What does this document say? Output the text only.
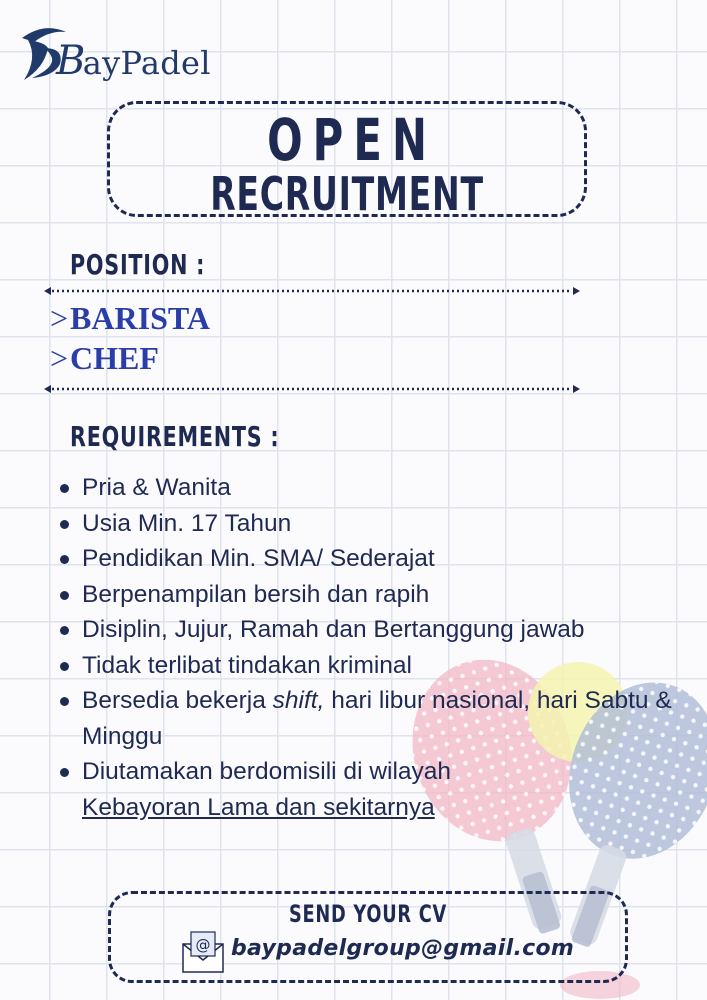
BayPadel
OPEN
RECRUITMENT
POSITION :
>BARISTA
>CHEF
REQUIREMENTS :
Pria & Wanita
Usia Min. 17 Tahun
Pendidikan Min. SMA/ Sederajat
Berpenampilan bersih dan rapih
Disiplin, Jujur, Ramah dan Bertanggung jawab
Tidak terlibat tindakan kriminal
Bersedia bekerja shift, hari libur nasional, hari Sabtu & Minggu
Diutamakan berdomisili di wilayah
Kebayoran Lama dan sekitarnya
SEND YOUR CV
@ baypadelgroup@gmail.com
